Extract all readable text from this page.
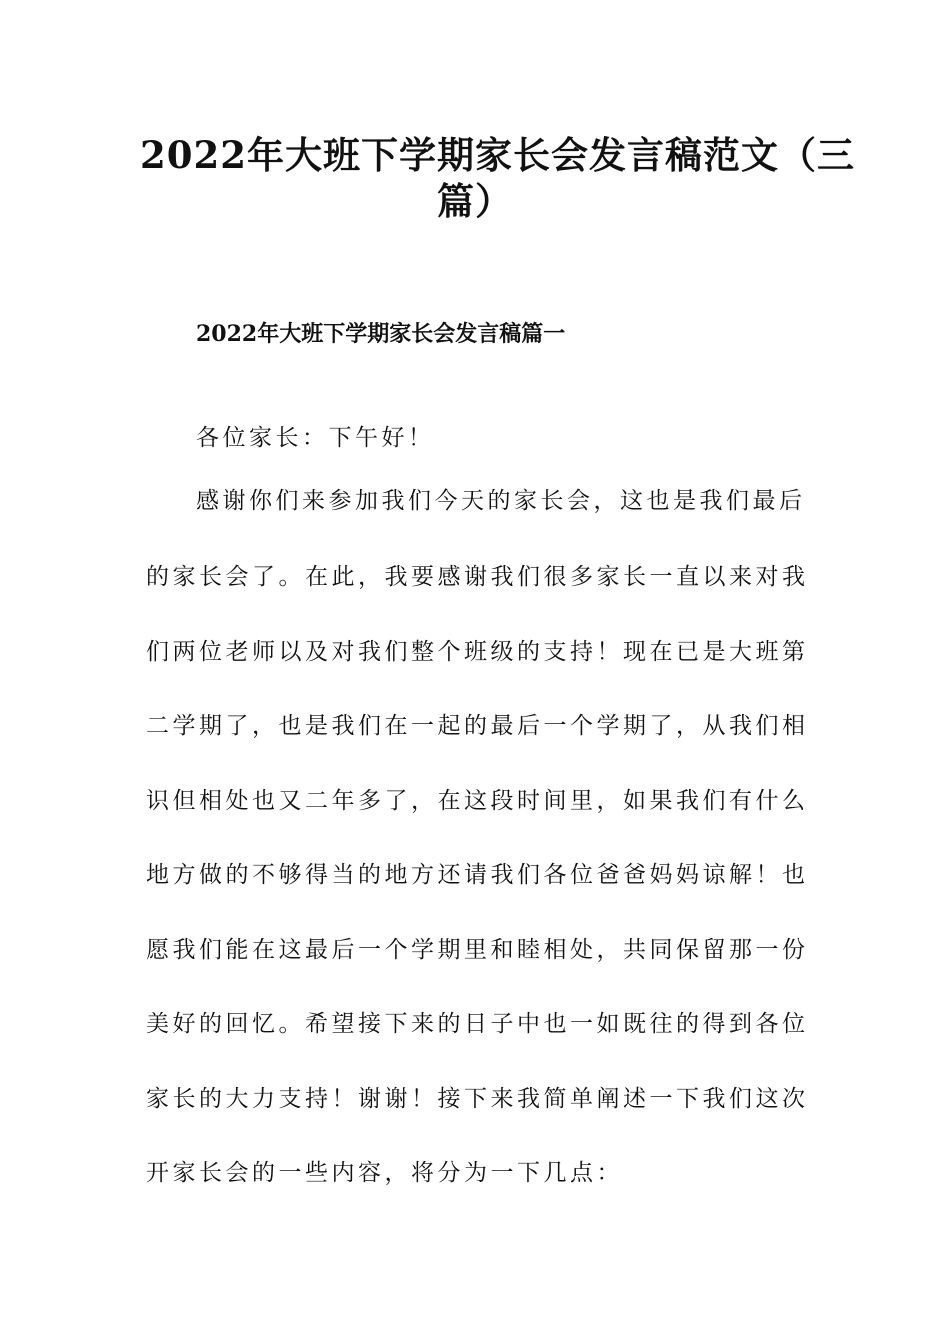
2022年大班下学期家长会发言稿范文（三
篇）
2022年大班下学期家长会发言稿篇一
各位家长：下午好！
感谢你们来参加我们今天的家长会，这也是我们最后
的家长会了。在此，我要感谢我们很多家长一直以来对我
们两位老师以及对我们整个班级的支持！现在已是大班第
二学期了，也是我们在一起的最后一个学期了，从我们相
识但相处也又二年多了，在这段时间里，如果我们有什么
地方做的不够得当的地方还请我们各位爸爸妈妈谅解！也
愿我们能在这最后一个学期里和睦相处，共同保留那一份
美好的回忆。希望接下来的日子中也一如既往的得到各位
家长的大力支持！谢谢！接下来我简单阐述一下我们这次
开家长会的一些内容，将分为一下几点：
